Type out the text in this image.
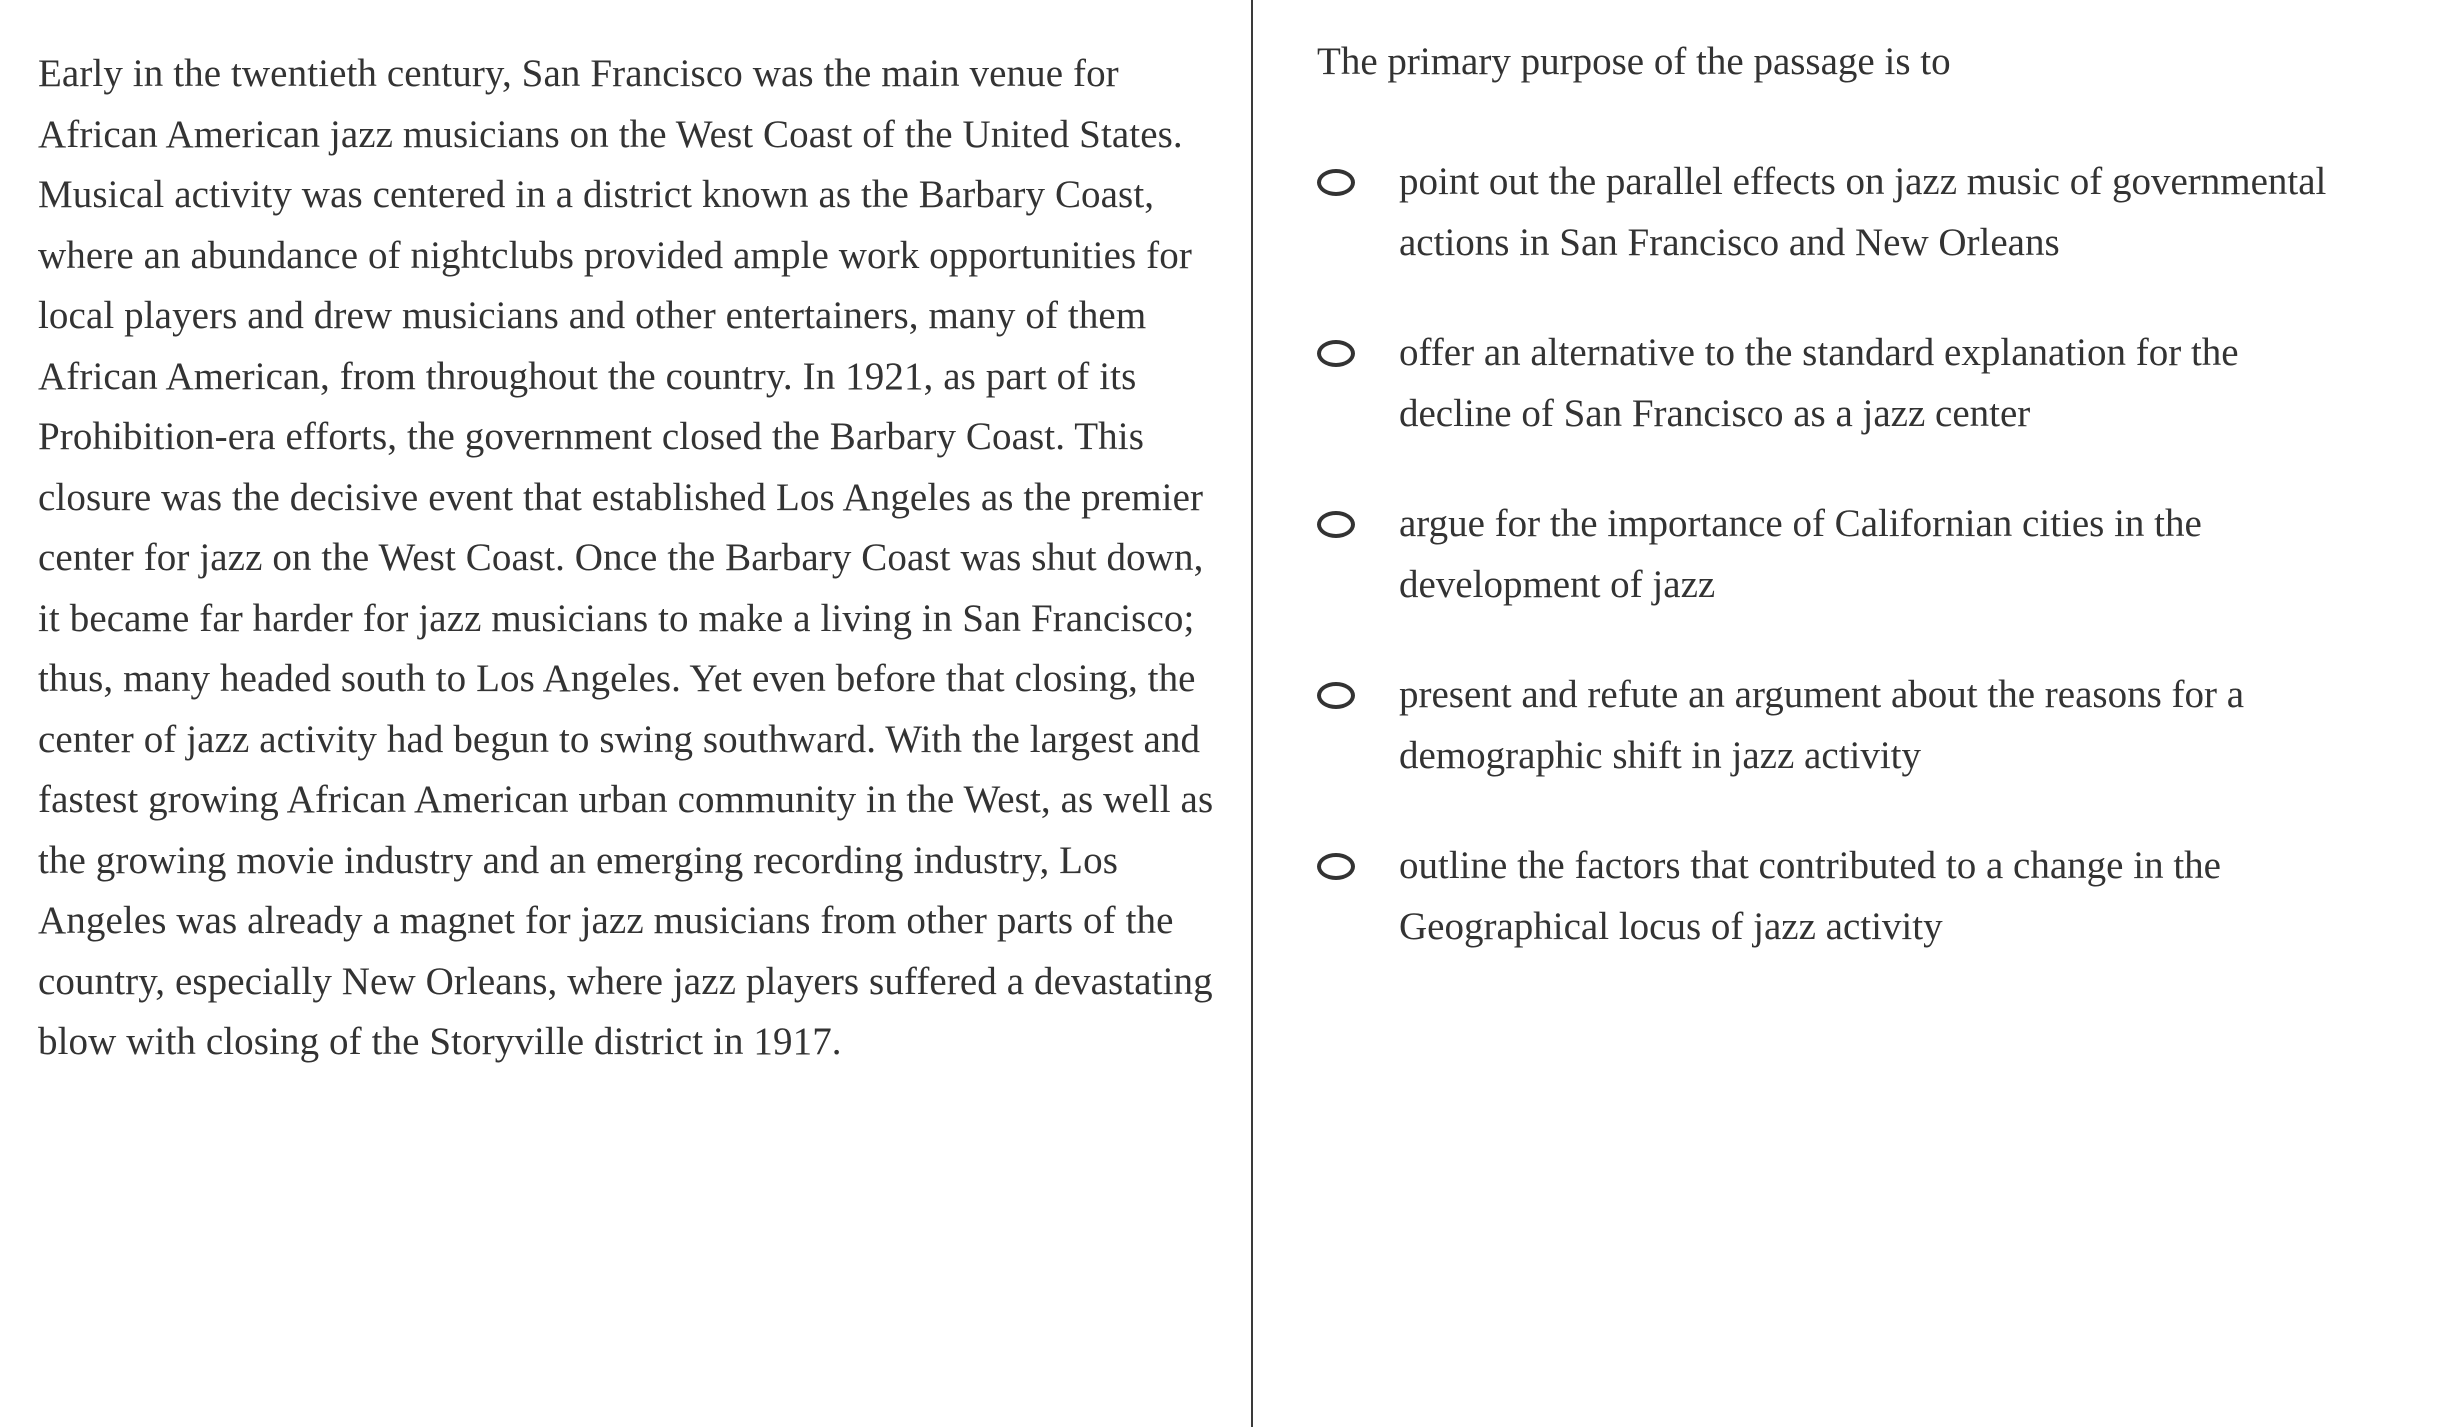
Early in the twentieth century, San Francisco was the main venue for African American jazz musicians on the West Coast of the United States. Musical activity was centered in a district known as the Barbary Coast, where an abundance of nightclubs provided ample work opportunities for local players and drew musicians and other entertainers, many of them African American, from throughout the country. In 1921, as part of its Prohibition-era efforts, the government closed the Barbary Coast. This closure was the decisive event that established Los Angeles as the premier center for jazz on the West Coast. Once the Barbary Coast was shut down, it became far harder for jazz musicians to make a living in San Francisco; thus, many headed south to Los Angeles. Yet even before that closing, the center of jazz activity had begun to swing southward. With the largest and fastest growing African American urban community in the West, as well as the growing movie industry and an emerging recording industry, Los Angeles was already a magnet for jazz musicians from other parts of the country, especially New Orleans, where jazz players suffered a devastating blow with closing of the Storyville district in 1917.

The primary purpose of the passage is to

point out the parallel effects on jazz music of governmental actions in San Francisco and New Orleans
offer an alternative to the standard explanation for the decline of San Francisco as a jazz center
argue for the importance of Californian cities in the development of jazz
present and refute an argument about the reasons for a demographic shift in jazz activity
outline the factors that contributed to a change in the Geographical locus of jazz activity
